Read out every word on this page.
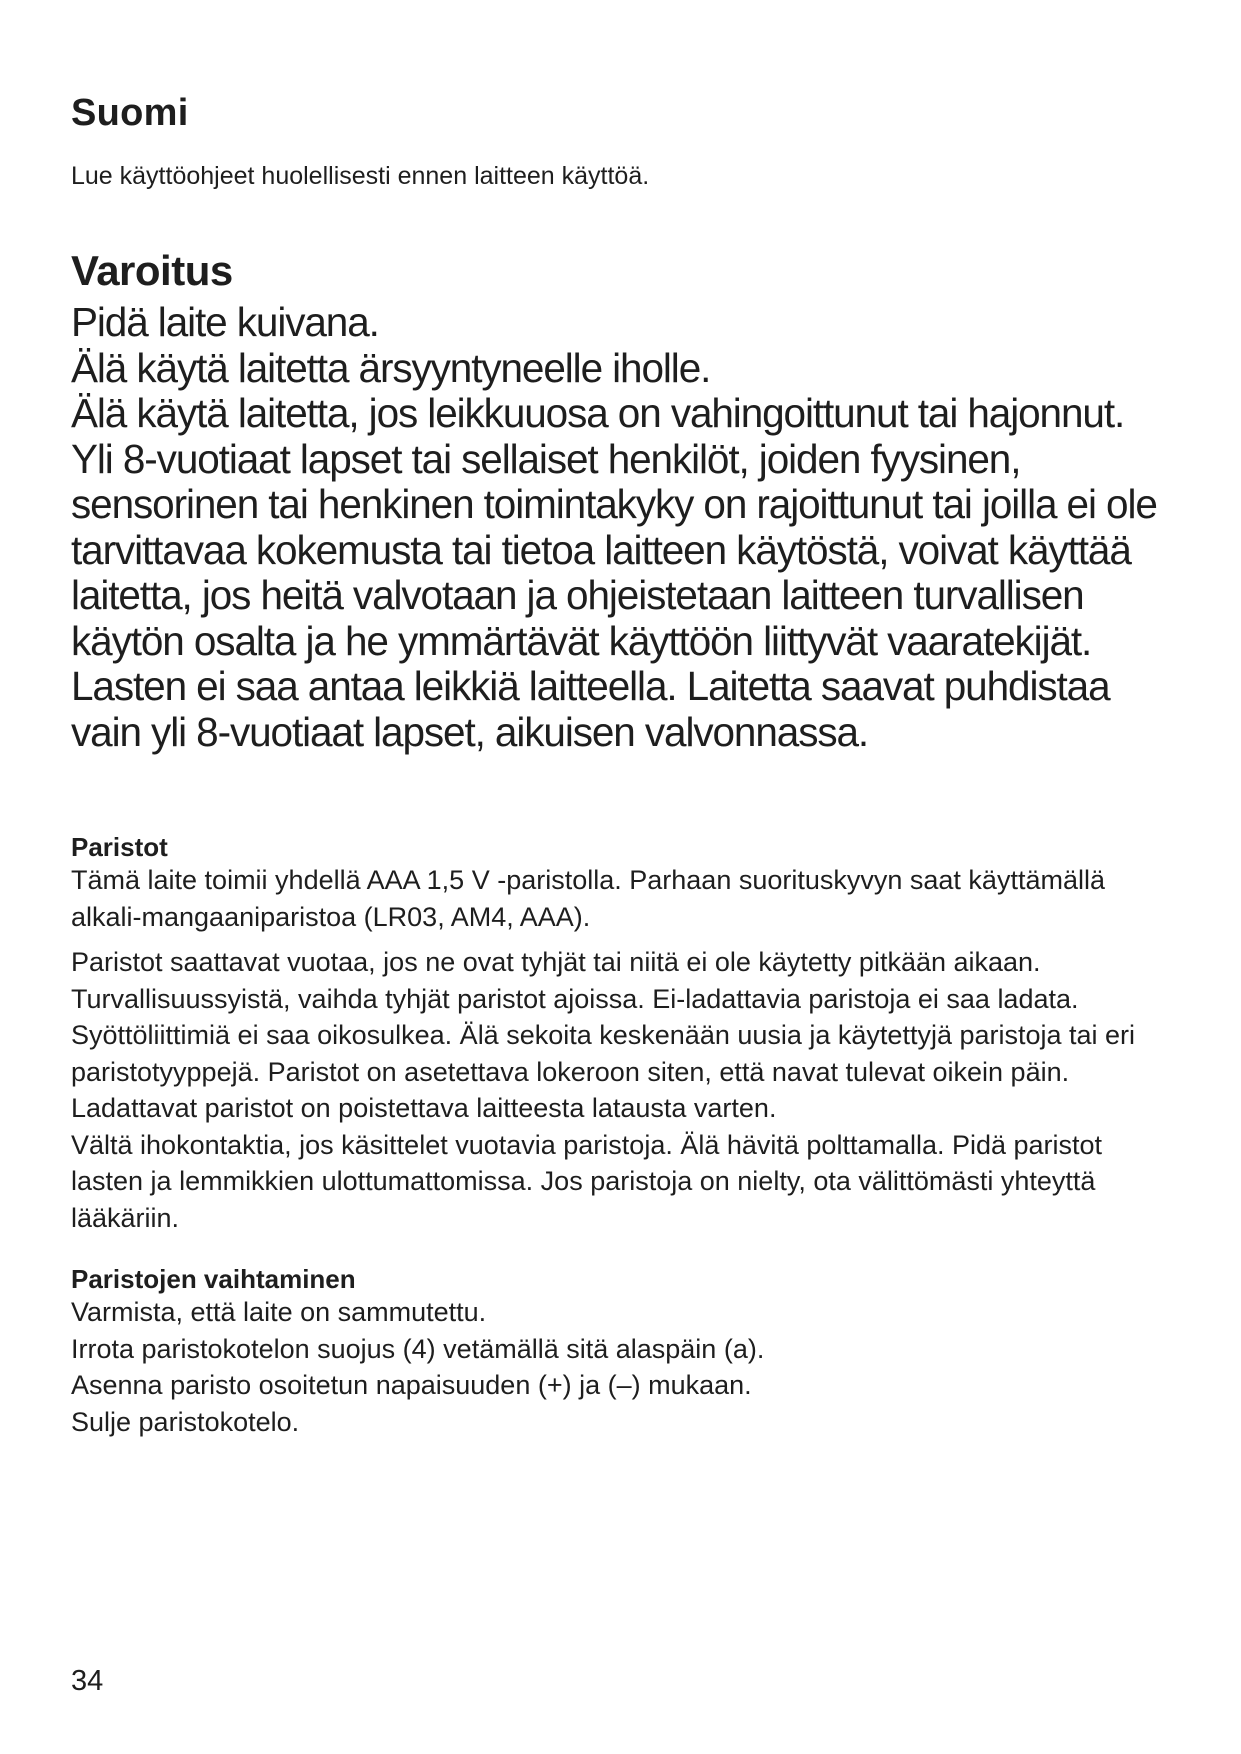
Suomi

Lue käyttöohjeet huolellisesti ennen laitteen käyttöä.

Varoitus

Pidä laite kuivana.

Älä käytä laitetta ärsyyntyneelle iholle.

Älä käytä laitetta, jos leikkuuosa on vahingoittunut tai hajonnut.

Yli 8-vuotiaat lapset tai sellaiset henkilöt, joiden fyysinen, sensorinen tai henkinen toimintakyky on rajoittunut tai joilla ei ole tarvittavaa kokemusta tai tietoa laitteen käytöstä, voivat käyttää laitetta, jos heitä valvotaan ja ohjeistetaan laitteen turvallisen käytön osalta ja he ymmärtävät käyttöön liittyvät vaaratekijät. Lasten ei saa antaa leikkiä laitteella. Laitetta saavat puhdistaa vain yli 8-vuotiaat lapset, aikuisen valvonnassa.

Paristot

Tämä laite toimii yhdellä AAA 1,5 V -paristolla. Parhaan suorituskyvyn saat käyttämällä alkali-mangaaniparistoa (LR03, AM4, AAA).

Paristot saattavat vuotaa, jos ne ovat tyhjät tai niitä ei ole käytetty pitkään aikaan. Turvallisuussyistä, vaihda tyhjät paristot ajoissa. Ei-ladattavia paristoja ei saa ladata. Syöttöliittimiä ei saa oikosulkea. Älä sekoita keskenään uusia ja käytettyjä paristoja tai eri paristotyyppejä. Paristot on asetettava lokeroon siten, että navat tulevat oikein päin.

Ladattavat paristot on poistettava laitteesta latausta varten.

Vältä ihokontaktia, jos käsittelet vuotavia paristoja. Älä hävitä polttamalla. Pidä paristot lasten ja lemmikkien ulottumattomissa. Jos paristoja on nielty, ota välittömästi yhteyttä lääkäriin.

Paristojen vaihtaminen

Varmista, että laite on sammutettu.

Irrota paristokotelon suojus (4) vetämällä sitä alaspäin (a).

Asenna paristo osoitetun napaisuuden (+) ja (–) mukaan.

Sulje paristokotelo.

34
